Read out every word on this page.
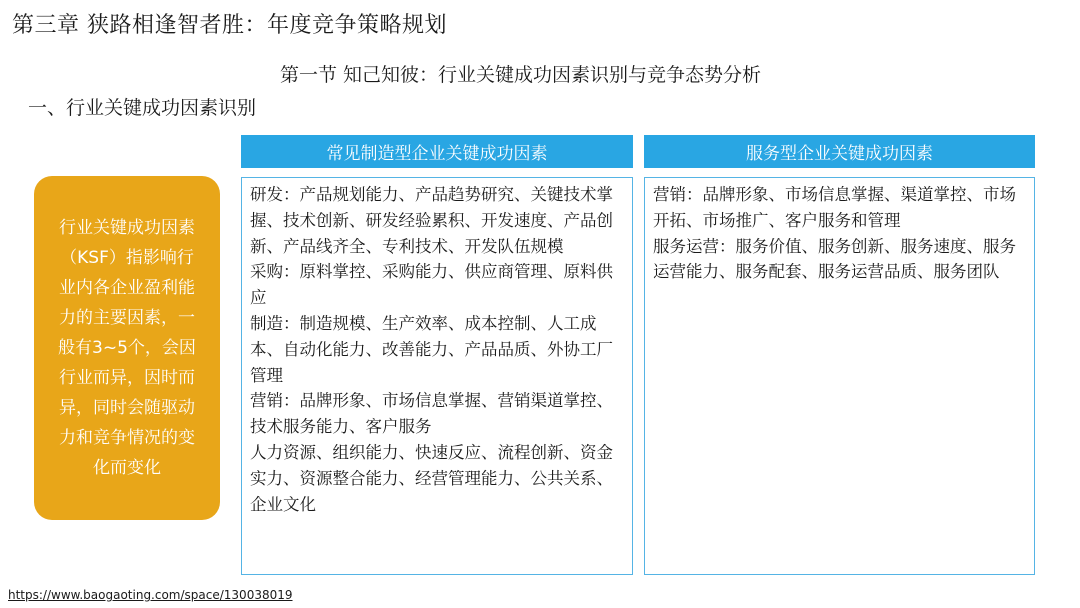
第三章 狭路相逢智者胜：年度竞争策略规划
第一节 知己知彼：行业关键成功因素识别与竞争态势分析
一、行业关键成功因素识别
行业关键成功因素（KSF）指影响行业内各企业盈利能力的主要因素，一般有3~5个，会因行业而异，因时而异，同时会随驱动力和竞争情况的变化而变化
常见制造型企业关键成功因素
研发：产品规划能力、产品趋势研究、关键技术掌握、技术创新、研发经验累积、开发速度、产品创新、产品线齐全、专利技术、开发队伍规模
采购：原料掌控、采购能力、供应商管理、原料供应
制造：制造规模、生产效率、成本控制、人工成本、自动化能力、改善能力、产品品质、外协工厂管理
营销：品牌形象、市场信息掌握、营销渠道掌控、技术服务能力、客户服务
人力资源、组织能力、快速反应、流程创新、资金实力、资源整合能力、经营管理能力、公共关系、企业文化
服务型企业关键成功因素
营销：品牌形象、市场信息掌握、渠道掌控、市场开拓、市场推广、客户服务和管理
服务运营：服务价值、服务创新、服务速度、服务运营能力、服务配套、服务运营品质、服务团队
https://www.baogaoting.com/space/130038019
